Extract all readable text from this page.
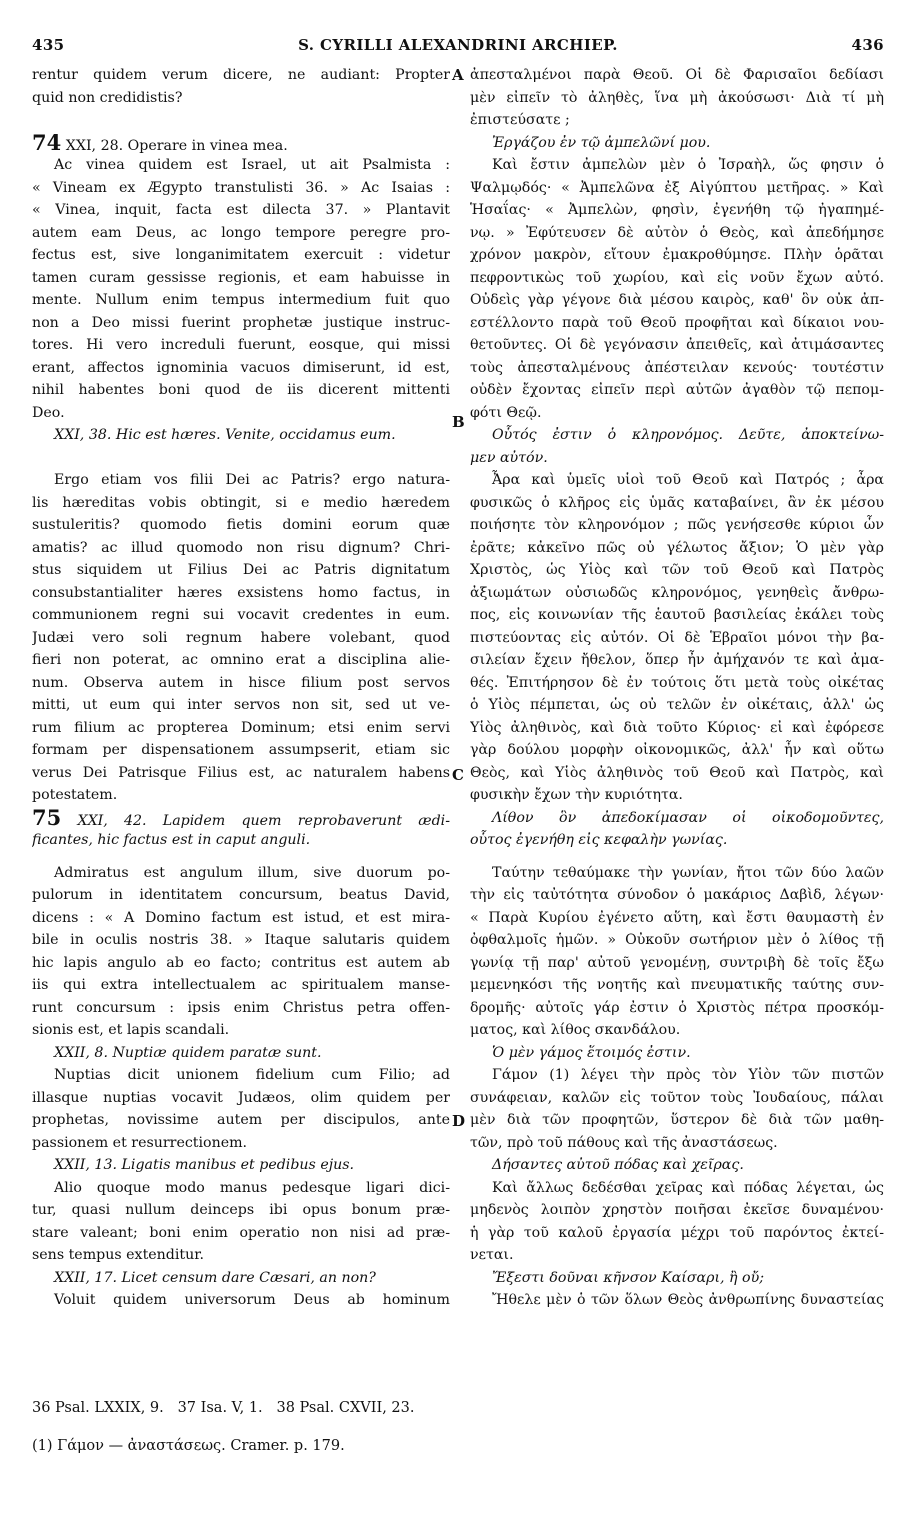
435	S. CYRILLI ALEXANDRINI ARCHIEP.	436
A
B
C
D
rentur quidem verum dicere, ne audiant: Propter
quid non credidistis?
74 XXI, 28. Operare in vinea mea.
Ac vinea quidem est Israel, ut ait Psalmista :
« Vineam ex Ægypto transtulisti 36. » Ac Isaias :
« Vinea, inquit, facta est dilecta 37. » Plantavit
autem eam Deus, ac longo tempore peregre pro-
fectus est, sive longanimitatem exercuit : videtur
tamen curam gessisse regionis, et eam habuisse in
mente. Nullum enim tempus intermedium fuit quo
non a Deo missi fuerint prophetæ justique instruc-
tores. Hi vero increduli fuerunt, eosque, qui missi
erant, affectos ignominia vacuos dimiserunt, id est,
nihil habentes boni quod de iis dicerent mittenti
Deo.
XXI, 38. Hic est hæres. Venite, occidamus eum.
Ergo etiam vos filii Dei ac Patris? ergo natura-
lis hæreditas vobis obtingit, si e medio hæredem
sustuleritis? quomodo fietis domini eorum quæ
amatis? ac illud quomodo non risu dignum? Chri-
stus siquidem ut Filius Dei ac Patris dignitatum
consubstantialiter hæres exsistens homo factus, in
communionem regni sui vocavit credentes in eum.
Judæi vero soli regnum habere volebant, quod
fieri non poterat, ac omnino erat a disciplina alie-
num. Observa autem in hisce filium post servos
mitti, ut eum qui inter servos non sit, sed ut ve-
rum filium ac propterea Dominum; etsi enim servi
formam per dispensationem assumpserit, etiam sic
verus Dei Patrisque Filius est, ac naturalem habens
potestatem.
75 XXI, 42. Lapidem quem reprobaverunt ædi-
ficantes, hic factus est in caput anguli.
Admiratus est angulum illum, sive duorum po-
pulorum in identitatem concursum, beatus David,
dicens : « A Domino factum est istud, et est mira-
bile in oculis nostris 38. » Itaque salutaris quidem
hic lapis angulo ab eo facto; contritus est autem ab
iis qui extra intellectualem ac spiritualem manse-
runt concursum : ipsis enim Christus petra offen-
sionis est, et lapis scandali.
XXII, 8. Nuptiæ quidem paratæ sunt.
Nuptias dicit unionem fidelium cum Filio; ad
illasque nuptias vocavit Judæos, olim quidem per
prophetas, novissime autem per discipulos, ante
passionem et resurrectionem.
XXII, 13. Ligatis manibus et pedibus ejus.
Alio quoque modo manus pedesque ligari dici-
tur, quasi nullum deinceps ibi opus bonum præ-
stare valeant; boni enim operatio non nisi ad præ-
sens tempus extenditur.
XXII, 17. Licet censum dare Cæsari, an non?
Voluit quidem universorum Deus ab hominum
ἀπεσταλμένοι παρὰ Θεοῦ. Οἱ δὲ Φαρισαῖοι δεδίασι
μὲν εἰπεῖν τὸ ἀληθὲς, ἵνα μὴ ἀκούσωσι· Διὰ τί μὴ
ἐπιστεύσατε ;
Ἐργάζου ἐν τῷ ἀμπελῶνί μου.
Καὶ ἔστιν ἀμπελὼν μὲν ὁ Ἰσραὴλ, ὥς φησιν ὁ
Ψαλμῳδός· « Ἀμπελῶνα ἐξ Αἰγύπτου μετῆρας. » Καὶ
Ἡσαΐας· « Ἀμπελὼν, φησὶν, ἐγενήθη τῷ ἠγαπημέ-
νῳ. » Ἐφύτευσεν δὲ αὐτὸν ὁ Θεὸς, καὶ ἀπεδήμησε
χρόνον μακρὸν, εἴτουν ἐμακροθύμησε. Πλὴν ὁρᾶται
πεφροντικὼς τοῦ χωρίου, καὶ εἰς νοῦν ἔχων αὐτό.
Οὐδεὶς γὰρ γέγονε διὰ μέσου καιρὸς, καθ' ὃν οὐκ ἀπ-
εστέλλοντο παρὰ τοῦ Θεοῦ προφῆται καὶ δίκαιοι νου-
θετοῦντες. Οἱ δὲ γεγόνασιν ἀπειθεῖς, καὶ ἀτιμάσαντες
τοὺς ἀπεσταλμένους ἀπέστειλαν κενούς· τουτέστιν
οὐδὲν ἔχοντας εἰπεῖν περὶ αὐτῶν ἀγαθὸν τῷ πεπομ-
φότι Θεῷ.
Οὗτός ἐστιν ὁ κληρονόμος. Δεῦτε, ἀποκτείνω-
μεν αὐτόν.
Ἆρα καὶ ὑμεῖς υἱοὶ τοῦ Θεοῦ καὶ Πατρός ; ἆρα
φυσικῶς ὁ κλῆρος εἰς ὑμᾶς καταβαίνει, ἂν ἐκ μέσου
ποιήσητε τὸν κληρονόμον ; πῶς γενήσεσθε κύριοι ὧν
ἐρᾶτε; κἀκεῖνο πῶς οὐ γέλωτος ἄξιον; Ὁ μὲν γὰρ
Χριστὸς, ὡς Υἱὸς καὶ τῶν τοῦ Θεοῦ καὶ Πατρὸς
ἀξιωμάτων οὐσιωδῶς κληρονόμος, γενηθεὶς ἄνθρω-
πος, εἰς κοινωνίαν τῆς ἑαυτοῦ βασιλείας ἐκάλει τοὺς
πιστεύοντας εἰς αὐτόν. Οἱ δὲ Ἑβραῖοι μόνοι τὴν βα-
σιλείαν ἔχειν ἤθελον, ὅπερ ἦν ἀμήχανόν τε καὶ ἀμα-
θές. Ἐπιτήρησον δὲ ἐν τούτοις ὅτι μετὰ τοὺς οἰκέτας
ὁ Υἱὸς πέμπεται, ὡς οὐ τελῶν ἐν οἰκέταις, ἀλλ' ὡς
Υἱὸς ἀληθινὸς, καὶ διὰ τοῦτο Κύριος· εἰ καὶ ἐφόρεσε
γὰρ δούλου μορφὴν οἰκονομικῶς, ἀλλ' ἦν καὶ οὕτω
Θεὸς, καὶ Υἱὸς ἀληθινὸς τοῦ Θεοῦ καὶ Πατρὸς, καὶ
φυσικὴν ἔχων τὴν κυριότητα.
Λίθον ὃν ἀπεδοκίμασαν οἱ οἰκοδομοῦντες,
οὗτος ἐγενήθη εἰς κεφαλὴν γωνίας.
Ταύτην τεθαύμακε τὴν γωνίαν, ἤτοι τῶν δύο λαῶν
τὴν εἰς ταὐτότητα σύνοδον ὁ μακάριος Δαβὶδ, λέγων·
« Παρὰ Κυρίου ἐγένετο αὕτη, καὶ ἔστι θαυμαστὴ ἐν
ὀφθαλμοῖς ἡμῶν. » Οὐκοῦν σωτήριον μὲν ὁ λίθος τῇ
γωνίᾳ τῇ παρ' αὐτοῦ γενομένῃ, συντριβὴ δὲ τοῖς ἔξω
μεμενηκόσι τῆς νοητῆς καὶ πνευματικῆς ταύτης συν-
δρομῆς· αὐτοῖς γάρ ἐστιν ὁ Χριστὸς πέτρα προσκόμ-
ματος, καὶ λίθος σκανδάλου.
Ὁ μὲν γάμος ἕτοιμός ἐστιν.
Γάμον (1) λέγει τὴν πρὸς τὸν Υἱὸν τῶν πιστῶν
συνάφειαν, καλῶν εἰς τοῦτον τοὺς Ἰουδαίους, πάλαι
μὲν διὰ τῶν προφητῶν, ὕστερον δὲ διὰ τῶν μαθη-
τῶν, πρὸ τοῦ πάθους καὶ τῆς ἀναστάσεως.
Δήσαντες αὐτοῦ πόδας καὶ χεῖρας.
Καὶ ἄλλως δεδέσθαι χεῖρας καὶ πόδας λέγεται, ὡς
μηδενὸς λοιπὸν χρηστὸν ποιῆσαι ἐκεῖσε δυναμένου·
ἡ γὰρ τοῦ καλοῦ ἐργασία μέχρι τοῦ παρόντος ἐκτεί-
νεται.
Ἔξεστι δοῦναι κῆνσον Καίσαρι, ἢ οὔ;
Ἤθελε μὲν ὁ τῶν ὅλων Θεὸς ἀνθρωπίνης δυναστείας
36 Psal. LXXIX, 9.   37 Isa. V, 1.   38 Psal. CXVII, 23.
(1) Γάμον — ἀναστάσεως. Cramer. p. 179.
